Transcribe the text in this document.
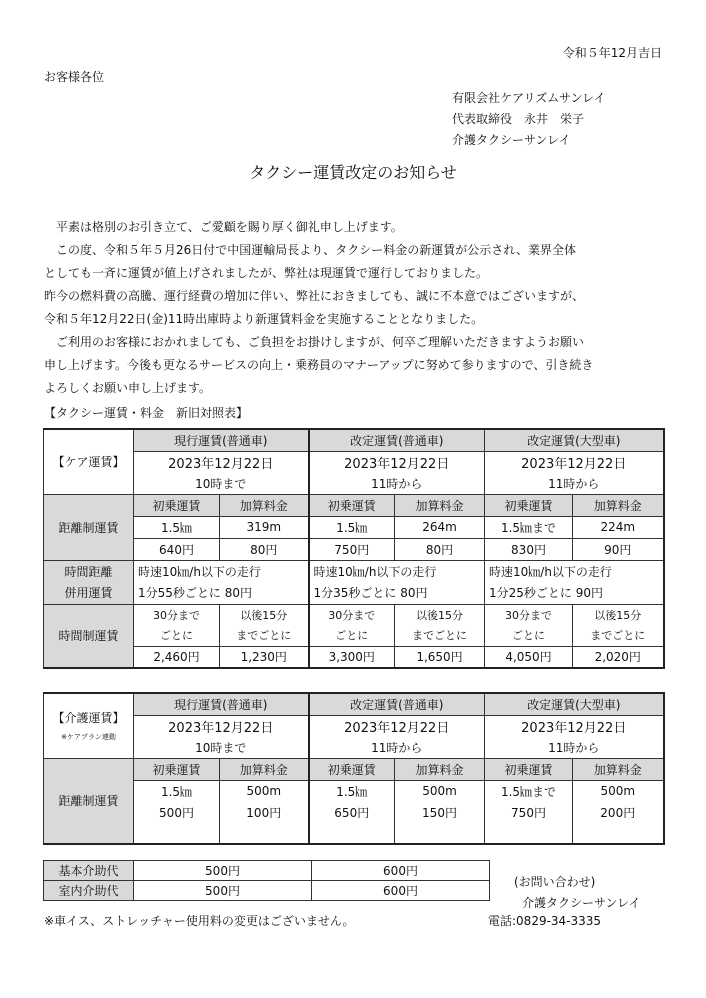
令和５年12月吉日
お客様各位
有限会社ケアリズムサンレイ
代表取締役　永井　栄子
介護タクシーサンレイ
タクシー運賃改定のお知らせ

　平素は格別のお引き立て、ご愛顧を賜り厚く御礼申し上げます。

　この度、令和５年５月26日付で中国運輸局長より、タクシー料金の新運賃が公示され、業界全体

としても一斉に運賃が値上げされましたが、弊社は現運賃で運行しておりました。

昨今の燃料費の高騰、運行経費の増加に伴い、弊社におきましても、誠に不本意ではございますが、

令和５年12月22日(金)11時出庫時より新運賃料金を実施することとなりました。

　ご利用のお客様におかれましても、ご負担をお掛けしますが、何卒ご理解いただきますようお願い

申し上げます。今後も更なるサービスの向上・乗務員のマナーアップに努めて参りますので、引き続き

よろしくお願い申し上げます。

【タクシー運賃・料金　新旧対照表】
【ケア運賃】	現行運賃(普通車)		改定運賃(普通車)		改定運賃(大型車)	
	2023年12月22日		2023年12月22日		2023年12月22日	
	10時まで		11時から		11時から	
距離制運賃	初乗運賃	加算料金	初乗運賃	加算料金	初乗運賃	加算料金
	1.5㎞	319m	1.5㎞	264m	1.5㎞まで	224m
	640円	80円	750円	80円	830円	90円
時間距離	時速10㎞/h以下の走行		時速10㎞/h以下の走行		時速10㎞/h以下の走行	
併用運賃	1分55秒ごとに 80円		1分35秒ごとに 80円		1分25秒ごとに 90円	
時間制運賃	30分まで	以後15分	30分まで	以後15分	30分まで	以後15分
	ごとに	までごとに	ごとに	までごとに	ごとに	までごとに
	2,460円	1,230円	3,300円	1,650円	4,050円	2,020円
【介護運賃】
※ケアプラン連動	現行運賃(普通車)		改定運賃(普通車)		改定運賃(大型車)	
	2023年12月22日		2023年12月22日		2023年12月22日	
	10時まで		11時から		11時から	
距離制運賃	初乗運賃	加算料金	初乗運賃	加算料金	初乗運賃	加算料金
	1.5㎞	500m	1.5㎞	500m	1.5㎞まで	500m
	500円	100円	650円	150円	750円	200円
基本介助代	500円	600円
室内介助代	500円	600円
(お問い合わせ)
介護タクシーサンレイ
※車イス、ストレッチャー使用料の変更はございません。	電話:0829-34-3335
